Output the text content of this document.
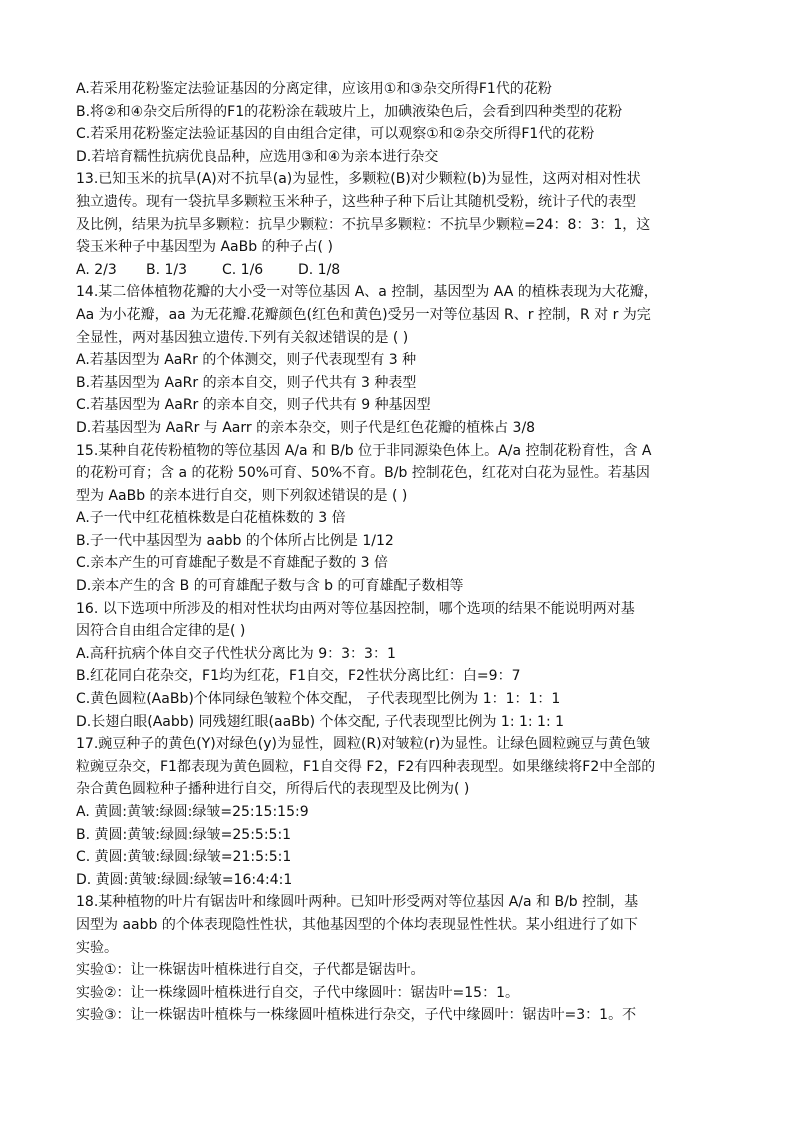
A.若采用花粉鉴定法验证基因的分离定律，应该用①和③杂交所得F1代的花粉
B.将②和④杂交后所得的F1的花粉涂在载玻片上，加碘液染色后，会看到四种类型的花粉
C.若采用花粉鉴定法验证基因的自由组合定律，可以观察①和②杂交所得F1代的花粉
D.若培育糯性抗病优良品种，应选用③和④为亲本进行杂交
13.已知玉米的抗旱(A)对不抗旱(a)为显性，多颗粒(B)对少颗粒(b)为显性，这两对相对性状
独立遗传。现有一袋抗旱多颗粒玉米种子，这些种子种下后让其随机受粉，统计子代的表型
及比例，结果为抗旱多颗粒：抗旱少颗粒：不抗旱多颗粒：不抗旱少颗粒=24：8：3：1，这
袋玉米种子中基因型为 AaBb 的种子占( )
A. 2/3	B. 1/3	C. 1/6	D. 1/8
14.某二倍体植物花瓣的大小受一对等位基因 A、a 控制，基因型为 AA 的植株表现为大花瓣，
Aa 为小花瓣，aa 为无花瓣.花瓣颜色(红色和黄色)受另一对等位基因 R、r 控制，R 对 r 为完
全显性，两对基因独立遗传.下列有关叙述错误的是 ( )
A.若基因型为 AaRr 的个体测交，则子代表现型有 3 种
B.若基因型为 AaRr 的亲本自交，则子代共有 3 种表型
C.若基因型为 AaRr 的亲本自交，则子代共有 9 种基因型
D.若基因型为 AaRr 与 Aarr 的亲本杂交，则子代是红色花瓣的植株占 3/8
15.某种自花传粉植物的等位基因 A/a 和 B/b 位于非同源染色体上。A/a 控制花粉育性，含 A
的花粉可育；含 a 的花粉 50%可育、50%不育。B/b 控制花色，红花对白花为显性。若基因
型为 AaBb 的亲本进行自交，则下列叙述错误的是 ( )
A.子一代中红花植株数是白花植株数的 3 倍
B.子一代中基因型为 aabb 的个体所占比例是 1/12
C.亲本产生的可育雄配子数是不育雄配子数的 3 倍
D.亲本产生的含 B 的可育雄配子数与含 b 的可育雄配子数相等
16. 以下选项中所涉及的相对性状均由两对等位基因控制，哪个选项的结果不能说明两对基
因符合自由组合定律的是( )
A.高秆抗病个体自交子代性状分离比为 9：3：3：1
B.红花同白花杂交，F1均为红花，F1自交，F2性状分离比红：白=9：7
C.黄色圆粒(AaBb)个体同绿色皱粒个体交配， 子代表现型比例为 1：1：1：1
D.长翅白眼(Aabb) 同残翅红眼(aaBb) 个体交配, 子代表现型比例为 1: 1: 1: 1
17.豌豆种子的黄色(Y)对绿色(y)为显性，圆粒(R)对皱粒(r)为显性。让绿色圆粒豌豆与黄色皱
粒豌豆杂交，F1都表现为黄色圆粒，F1自交得 F2，F2有四种表现型。如果继续将F2中全部的
杂合黄色圆粒种子播种进行自交，所得后代的表现型及比例为( )
A. 黄圆:黄皱:绿圆:绿皱=25:15:15:9
B. 黄圆:黄皱:绿圆:绿皱=25:5:5:1
C. 黄圆:黄皱:绿圆:绿皱=21:5:5:1
D. 黄圆:黄皱:绿圆:绿皱=16:4:4:1
18.某种植物的叶片有锯齿叶和缘圆叶两种。已知叶形受两对等位基因 A/a 和 B/b 控制，基
因型为 aabb 的个体表现隐性性状，其他基因型的个体均表现显性性状。某小组进行了如下
实验。
实验①：让一株锯齿叶植株进行自交，子代都是锯齿叶。
实验②：让一株缘圆叶植株进行自交，子代中缘圆叶：锯齿叶=15：1。
实验③：让一株锯齿叶植株与一株缘圆叶植株进行杂交，子代中缘圆叶：锯齿叶=3：1。不
